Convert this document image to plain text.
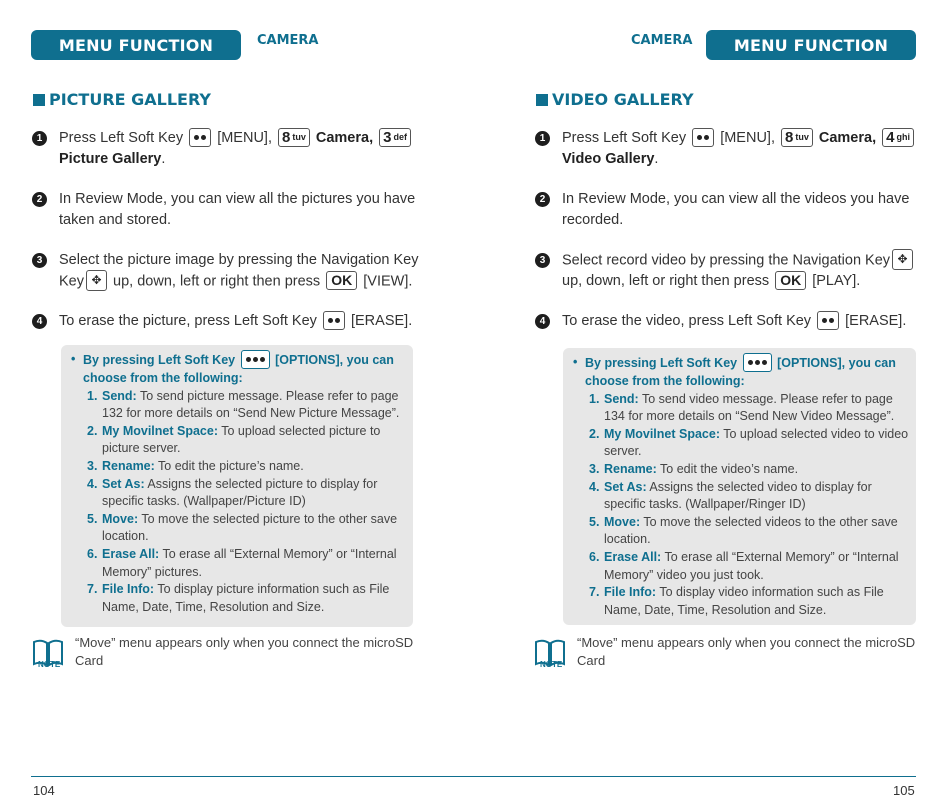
MENU FUNCTION	CAMERA
PICTURE GALLERY
1	Press Left Soft Key [MENU], 8 tuv Camera, 3 def

Picture Gallery.
2	In Review Mode, you can view all the pictures you have taken and stored.
3	Select the picture image by pressing the Navigation Key
Key ✥ up, down, left or right then press OK [VIEW].
4	To erase the picture, press Left Soft Key [ERASE].
• By pressing Left Soft Key	[OPTIONS], you can choose from the following:
1. Send: To send picture message. Please refer to page 132 for more details on “Send New Picture Message”.
2. My Movilnet Space: To upload selected picture to picture server.
3. Rename: To edit the picture’s name.
4. Set As: Assigns the selected picture to display for specific tasks. (Wallpaper/Picture ID)
5. Move: To move the selected picture to the other save location.
6. Erase All: To erase all “External Memory” or “Internal Memory” pictures.
7. File Info: To display picture information such as File Name, Date, Time, Resolution and Size.
NOTE
“Move” menu appears only when you connect the microSD Card
104
CAMERA	MENU FUNCTION
VIDEO GALLERY
1	Press Left Soft Key [MENU], 8 tuv Camera, 4 ghi

Video Gallery.
2	In Review Mode, you can view all the videos you have recorded.
3	Select record video by pressing the Navigation Key ✥
up, down, left or right then press OK [PLAY].
4	To erase the video, press Left Soft Key [ERASE].
• By pressing Left Soft Key	[OPTIONS], you can choose from the following:
1. Send: To send video message. Please refer to page 134 for more details on “Send New Video Message”.
2. My Movilnet Space: To upload selected video to video server.
3. Rename: To edit the video’s name.
4. Set As: Assigns the selected video to display for specific tasks. (Wallpaper/Ringer ID)
5. Move: To move the selected videos to the other save location.
6. Erase All: To erase all “External Memory” or “Internal Memory” video you just took.
7. File Info: To display video information such as File Name, Date, Time, Resolution and Size.
NOTE
“Move” menu appears only when you connect the microSD Card
105
